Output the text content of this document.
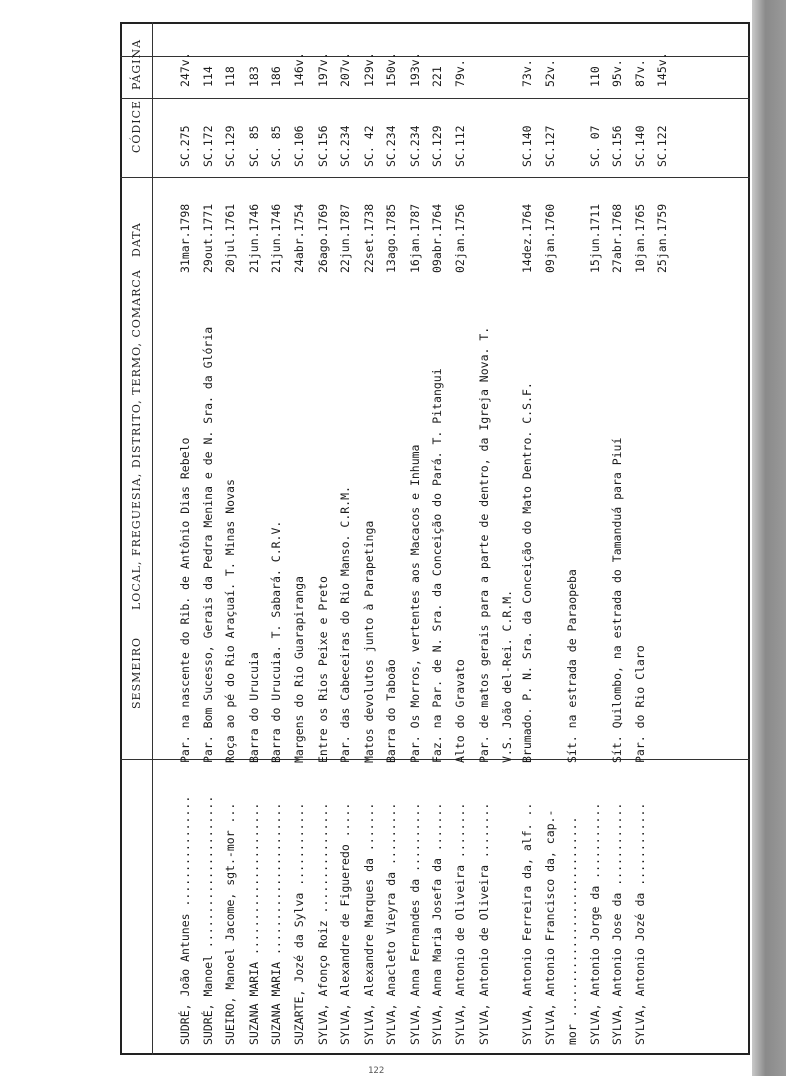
SESMEIRO
LOCAL, FREGUESIA, DISTRITO, TERMO, COMARCA
DATA
CÓDICE
PÁGINA
SUDRÉ, João Antunes ................
Par. na nascente do Rib. de Antônio Dias Rebelo
31mar.1798
SC.275
247v.
SUDRÉ, Manoel ......................
Par. Bom Sucesso, Gerais da Pedra Menina e de N. Sra. da Glória
29out.1771
SC.172
114
SUEIRO, Manoel Jacome, sgt.-mor ...
Roça ao pé do Rio Araçuaí. T. Minas Novas
20jul.1761
SC.129
118
SUZANA MARIA ......................
Barra do Urucuia
21jun.1746
SC. 85
183
SUZANA MARIA ......................
Barra do Urucuia. T. Sabará. C.R.V.
21jun.1746
SC. 85
186
SUZARTE, Jozé da Sylva ............
Margens do Rio Guarapiranga
24abr.1754
SC.106
146v.
SYLVA, Afonço Roiz ................
Entre os Rios Peixe e Preto
26ago.1769
SC.156
197v.
SYLVA, Alexandre de Figueredo .....
Par. das Cabeceiras do Rio Manso. C.R.M.
22jun.1787
SC.234
207v.
SYLVA, Alexandre Marques da .......
Matos devolutos junto à Parapetinga
22set.1738
SC. 42
129v.
SYLVA, Anacleto Vieyra da .........
Barra do Taboão
13ago.1785
SC.234
150v.
SYLVA, Anna Fernandes da ..........
Par. Os Morros, vertentes aos Macacos e Inhuma
16jan.1787
SC.234
193v.
SYLVA, Anna Maria Josefa da .......
Faz. na Par. de N. Sra. da Conceição do Pará. T. Pitangui
09abr.1764
SC.129
221
SYLVA, Antonio de Oliveira ........
Alto do Gravato
02jan.1756
SC.112
79v.
SYLVA, Antonio de Oliveira ........
Par. de matos gerais para a parte de dentro, da Igreja Nova. T. V.S. João del-Rei. C.R.M.
SYLVA, Antonio Ferreira da, alf. ..
Brumado. P. N. Sra. da Conceição do Mato Dentro. C.S.F.
14dez.1764
SC.140
73v.
SYLVA, Antonio Francisco da, cap.-
09jan.1760
SC.127
52v.
mor .............................
Sít. na estrada de Paraopeba
SYLVA, Antonio Jorge da ...........
15jun.1711
SC. 07
110
SYLVA, Antonio Jose da ............
Sít. Quilombo, na estrada do Tamanduá para Piuí
27abr.1768
SC.156
95v.
SYLVA, Antonio Jozé da ............
Par. do Rio Claro
10jan.1765
SC.140
87v.
25jan.1759
SC.122
145v.
122
